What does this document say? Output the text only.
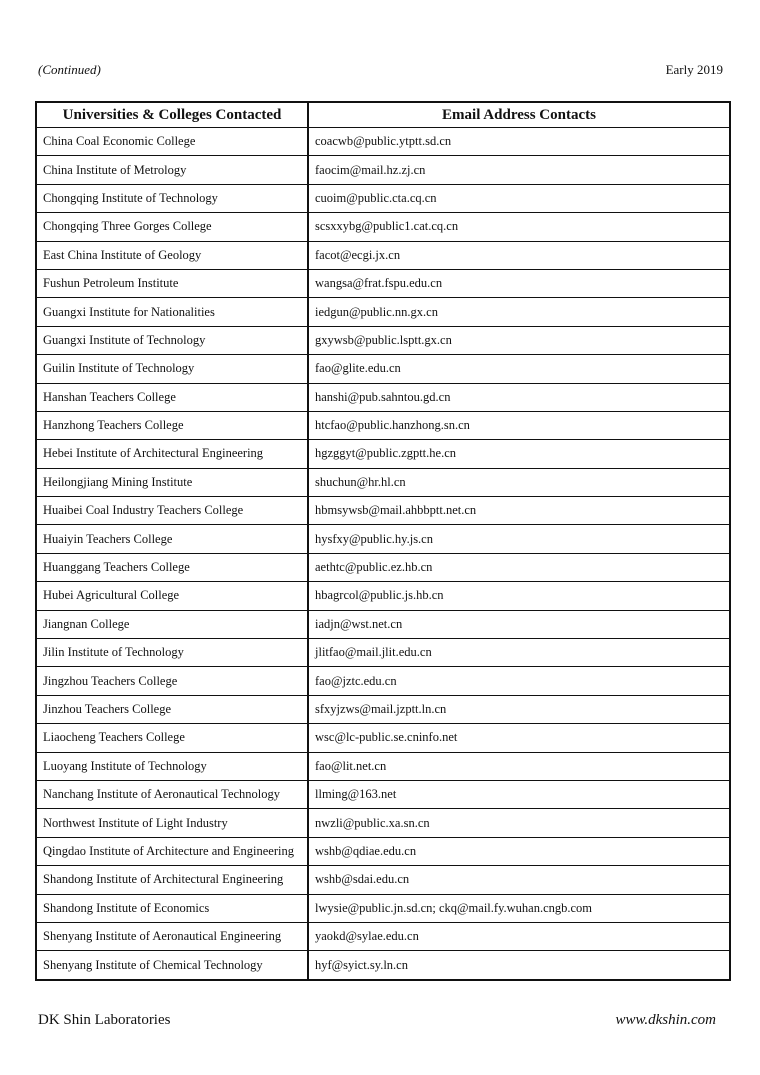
(Continued)	Early 2019
Universities & Colleges Contacted	Email Address Contacts
China Coal Economic College	coacwb@public.ytptt.sd.cn
China Institute of Metrology	faocim@mail.hz.zj.cn
Chongqing Institute of Technology	cuoim@public.cta.cq.cn
Chongqing Three Gorges College	scsxxybg@public1.cat.cq.cn
East China Institute of Geology	facot@ecgi.jx.cn
Fushun Petroleum Institute	wangsa@frat.fspu.edu.cn
Guangxi Institute for Nationalities	iedgun@public.nn.gx.cn
Guangxi Institute of Technology	gxywsb@public.lsptt.gx.cn
Guilin Institute of Technology	fao@glite.edu.cn
Hanshan Teachers College	hanshi@pub.sahntou.gd.cn
Hanzhong Teachers College	htcfao@public.hanzhong.sn.cn
Hebei Institute of Architectural Engineering	hgzggyt@public.zgptt.he.cn
Heilongjiang Mining Institute	shuchun@hr.hl.cn
Huaibei Coal Industry Teachers College	hbmsywsb@mail.ahbbptt.net.cn
Huaiyin Teachers College	hysfxy@public.hy.js.cn
Huanggang Teachers College	aethtc@public.ez.hb.cn
Hubei Agricultural College	hbagrcol@public.js.hb.cn
Jiangnan College	iadjn@wst.net.cn
Jilin Institute of Technology	jlitfao@mail.jlit.edu.cn
Jingzhou Teachers College	fao@jztc.edu.cn
Jinzhou Teachers College	sfxyjzws@mail.jzptt.ln.cn
Liaocheng Teachers College	wsc@lc-public.se.cninfo.net
Luoyang Institute of Technology	fao@lit.net.cn
Nanchang Institute of Aeronautical Technology	llming@163.net
Northwest Institute of Light Industry	nwzli@public.xa.sn.cn
Qingdao Institute of Architecture and Engineering	wshb@qdiae.edu.cn
Shandong Institute of Architectural Engineering	wshb@sdai.edu.cn
Shandong Institute of Economics	lwysie@public.jn.sd.cn; ckq@mail.fy.wuhan.cngb.com
Shenyang Institute of Aeronautical Engineering	yaokd@sylae.edu.cn
Shenyang Institute of Chemical Technology	hyf@syict.sy.ln.cn
DK Shin Laboratories	www.dkshin.com
